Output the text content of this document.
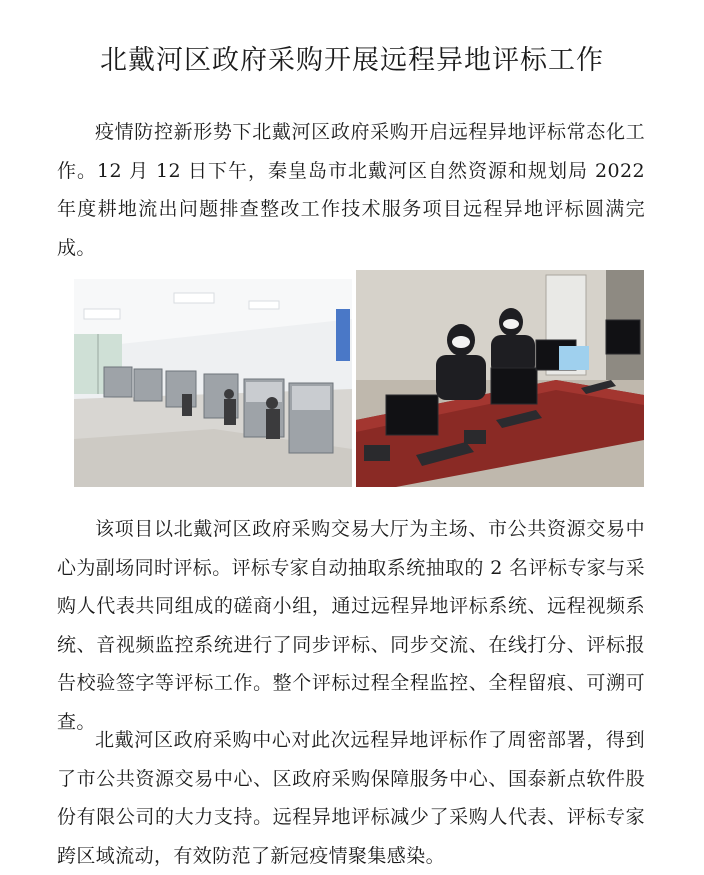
北戴河区政府采购开展远程异地评标工作

疫情防控新形势下北戴河区政府采购开启远程异地评标常态化工作。12 月 12 日下午，秦皇岛市北戴河区自然资源和规划局 2022 年度耕地流出问题排查整改工作技术服务项目远程异地评标圆满完成。

该项目以北戴河区政府采购交易大厅为主场、市公共资源交易中心为副场同时评标。评标专家自动抽取系统抽取的 2 名评标专家与采购人代表共同组成的磋商小组，通过远程异地评标系统、远程视频系统、音视频监控系统进行了同步评标、同步交流、在线打分、评标报告校验签字等评标工作。整个评标过程全程监控、全程留痕、可溯可查。

北戴河区政府采购中心对此次远程异地评标作了周密部署，得到了市公共资源交易中心、区政府采购保障服务中心、国泰新点软件股份有限公司的大力支持。远程异地评标减少了采购人代表、评标专家跨区域流动，有效防范了新冠疫情聚集感染。
